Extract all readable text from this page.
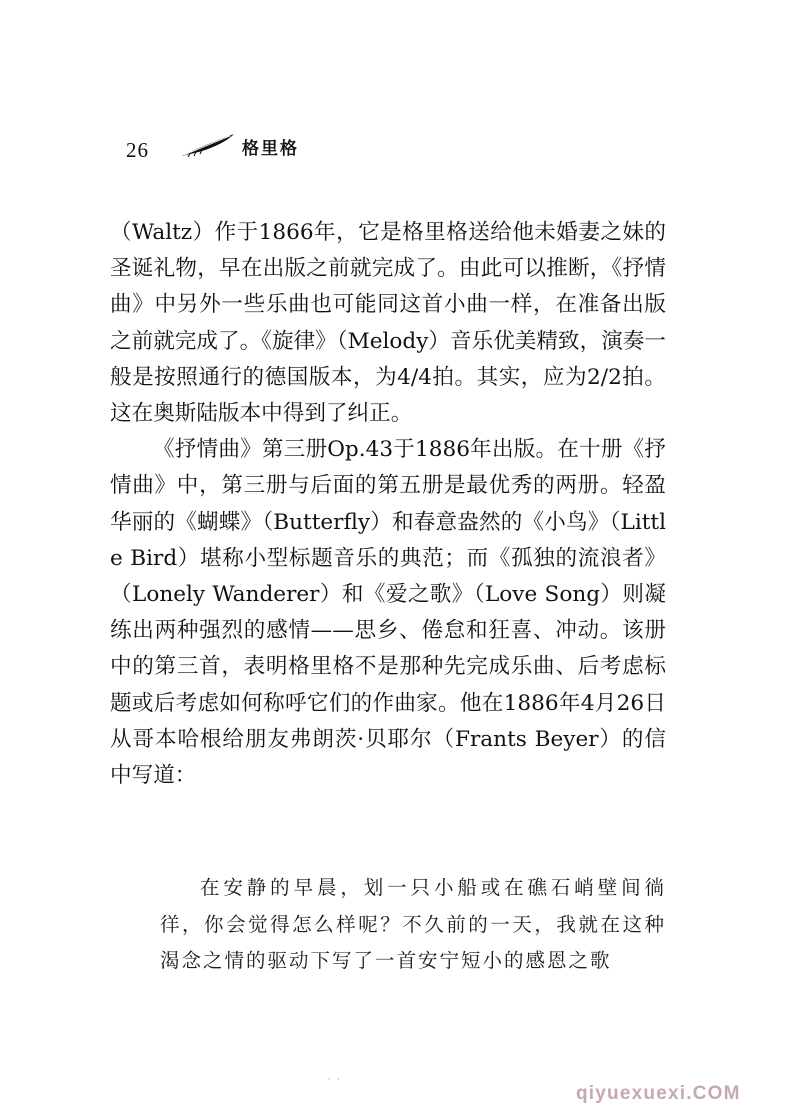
26	格里格

（Waltz）作于1866年，它是格里格送给他未婚妻之妹的圣诞礼物，早在出版之前就完成了。由此可以推断，《抒情曲》中另外一些乐曲也可能同这首小曲一样，在准备出版之前就完成了。《旋律》（Melody）音乐优美精致，演奏一般是按照通行的德国版本，为4/4拍。其实，应为2/2拍。这在奥斯陆版本中得到了纠正。

《抒情曲》第三册Op.43于1886年出版。在十册《抒情曲》中，第三册与后面的第五册是最优秀的两册。轻盈华丽的《蝴蝶》（Butterfly）和春意盎然的《小鸟》（Little Bird）堪称小型标题音乐的典范；而《孤独的流浪者》（Lonely Wanderer）和《爱之歌》（Love Song）则凝练出两种强烈的感情——思乡、倦怠和狂喜、冲动。该册中的第三首，表明格里格不是那种先完成乐曲、后考虑标题或后考虑如何称呼它们的作曲家。他在1886年4月26日从哥本哈根给朋友弗朗茨·贝耶尔（Frants Beyer）的信中写道：

在安静的早晨，划一只小船或在礁石峭壁间徜徉，你会觉得怎么样呢？不久前的一天，我就在这种渴念之情的驱动下写了一首安宁短小的感恩之歌

· ·
qiyuexuexi.COM
